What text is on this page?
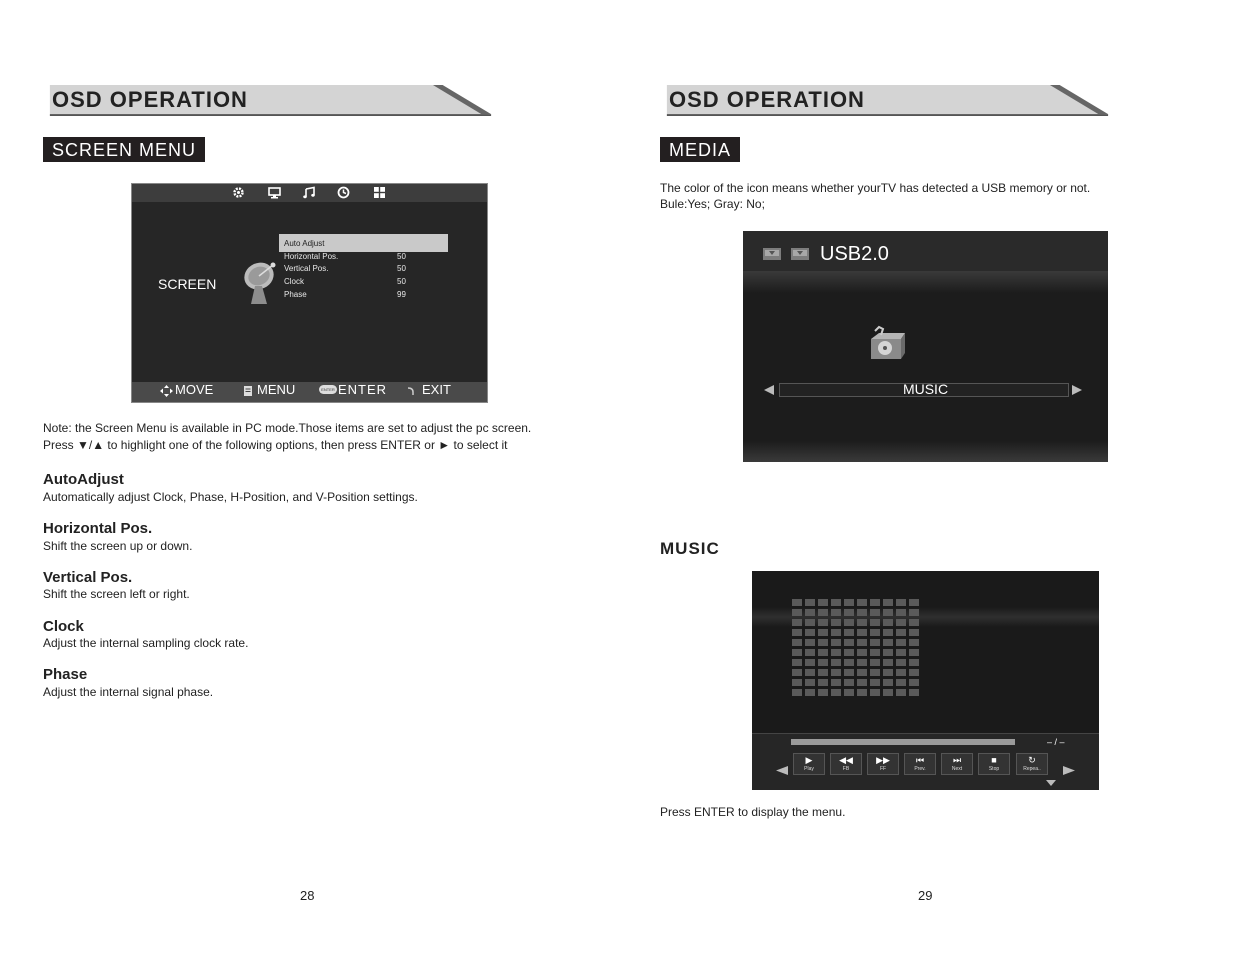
OSD OPERATION
SCREEN MENU
SCREEN
Auto Adjust
Horizontal Pos.	50
Vertical Pos.	50
Clock	50
Phase	99
MOVE	MENU	ENTER ENTER	EXIT
Note: the Screen Menu is available in PC mode.Those items are set to adjust the pc screen.
Press ▼/▲ to highlight one of the following options, then press ENTER or ► to select it
AutoAdjust
Automatically adjust Clock, Phase, H-Position, and V-Position settings.
Horizontal Pos.
Shift the screen up or down.
Vertical Pos.
Shift the screen left or right.
Clock
Adjust the internal sampling clock rate.
Phase
Adjust the internal signal phase.
28
OSD OPERATION
MEDIA
The color of the icon means whether yourTV has detected a USB memory or not.
Bule:Yes; Gray: No;
USB2.0
MUSIC
MUSIC
– / –
▶
Play
◀◀
FB
▶▶
FF
⏮
Prev.
⏭
Next
■
Stop
↻
Repea..
Press ENTER to display the menu.
29
